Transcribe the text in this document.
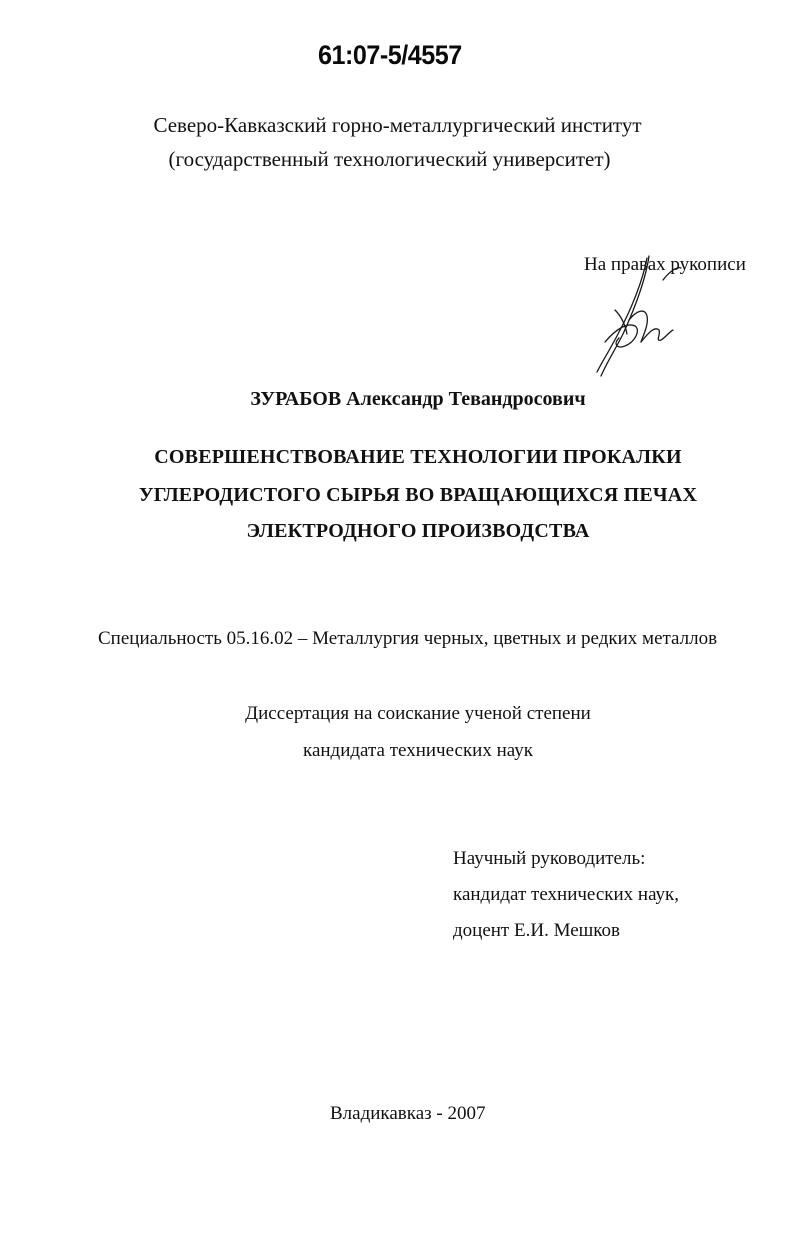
61:07-5/4557
Северо-Кавказский горно-металлургический институт
(государственный технологический университет)
На правах рукописи
ЗУРАБОВ Александр Тевандросович
СОВЕРШЕНСТВОВАНИЕ ТЕХНОЛОГИИ ПРОКАЛКИ
УГЛЕРОДИСТОГО СЫРЬЯ ВО ВРАЩАЮЩИХСЯ ПЕЧАХ
ЭЛЕКТРОДНОГО ПРОИЗВОДСТВА
Специальность 05.16.02 – Металлургия черных, цветных и редких металлов
Диссертация на соискание ученой степени
кандидата технических наук
Научный руководитель:
кандидат технических наук,
доцент Е.И. Мешков
Владикавказ - 2007
